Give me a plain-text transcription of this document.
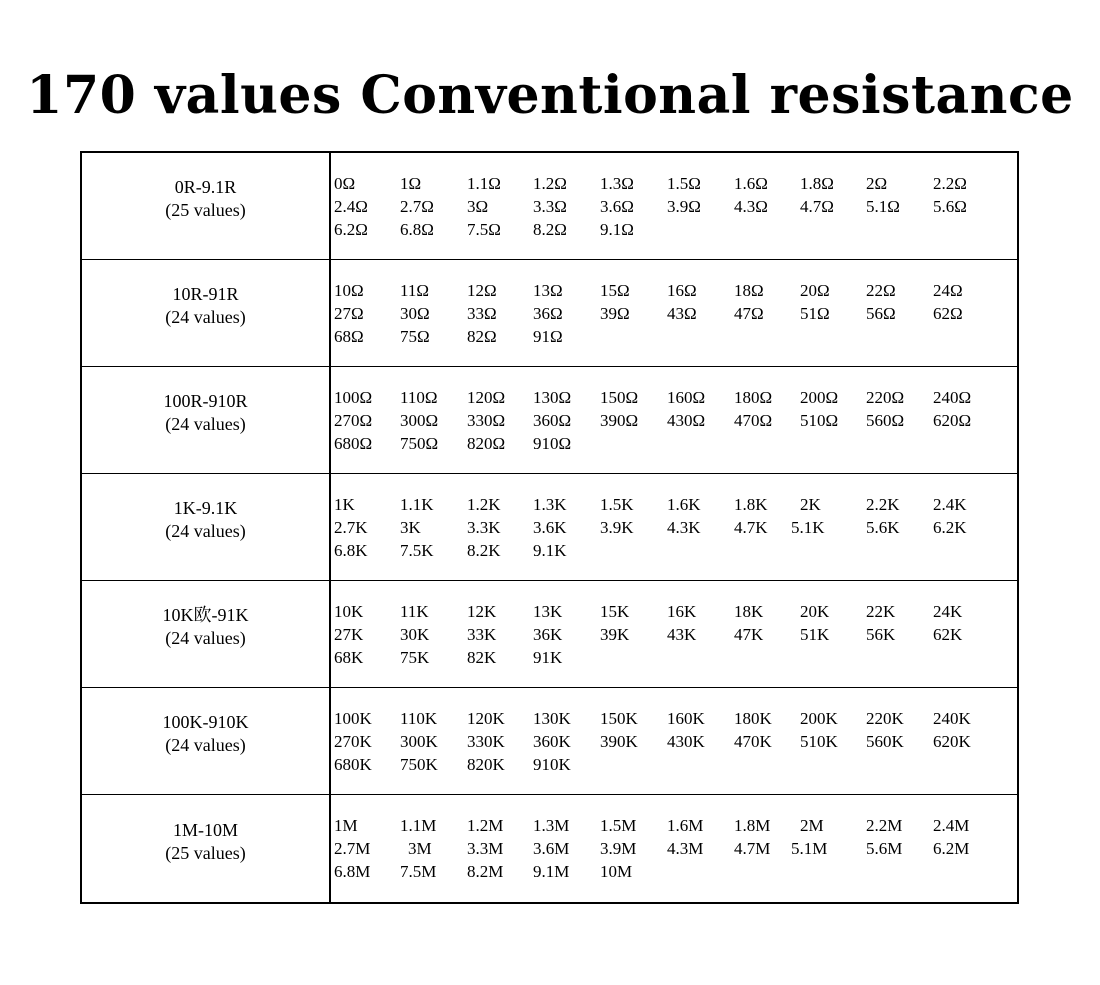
170 values Conventional resistance
0R-9.1R
(25 values)
0Ω	1Ω	1.1Ω 1.2Ω 1.3Ω 1.5Ω 1.6Ω 1.8Ω 2Ω	2.2Ω
2.4Ω 2.7Ω 3Ω	3.3Ω 3.6Ω 3.9Ω 4.3Ω 4.7Ω 5.1Ω 5.6Ω
6.2Ω 6.8Ω 7.5Ω 8.2Ω 9.1Ω
10R-91R
(24 values)
10Ω 11Ω 12Ω 13Ω 15Ω 16Ω 18Ω 20Ω 22Ω 24Ω
27Ω 30Ω 33Ω 36Ω 39Ω 43Ω 47Ω 51Ω 56Ω 62Ω
68Ω 75Ω 82Ω 91Ω
100R-910R
(24 values)
100Ω 110Ω 120Ω 130Ω 150Ω 160Ω 180Ω 200Ω 220Ω 240Ω
270Ω 300Ω 330Ω 360Ω 390Ω 430Ω 470Ω 510Ω 560Ω 620Ω
680Ω 750Ω 820Ω 910Ω
1K-9.1K
(24 values)
1K	1.1K 1.2K 1.3K 1.5K 1.6K 1.8K 2K	2.2K 2.4K
2.7K 3K	3.3K 3.6K 3.9K 4.3K 4.7K 5.1K 5.6K 6.2K
6.8K 7.5K 8.2K 9.1K
10K欧-91K
(24 values)
10K 11K 12K 13K 15K 16K 18K 20K 22K 24K
27K 30K 33K 36K 39K 43K 47K 51K 56K 62K
68K 75K 82K 91K
100K-910K
(24 values)
100K 110K 120K 130K 150K 160K 180K 200K 220K 240K
270K 300K 330K 360K 390K 430K 470K 510K 560K 620K
680K 750K 820K 910K
1M-10M
(25 values)
1M 1.1M 1.2M 1.3M 1.5M 1.6M 1.8M 2M 2.2M 2.4M
2.7M 3M 3.3M 3.6M 3.9M 4.3M 4.7M 5.1M 5.6M 6.2M
6.8M 7.5M 8.2M 9.1M 10M
